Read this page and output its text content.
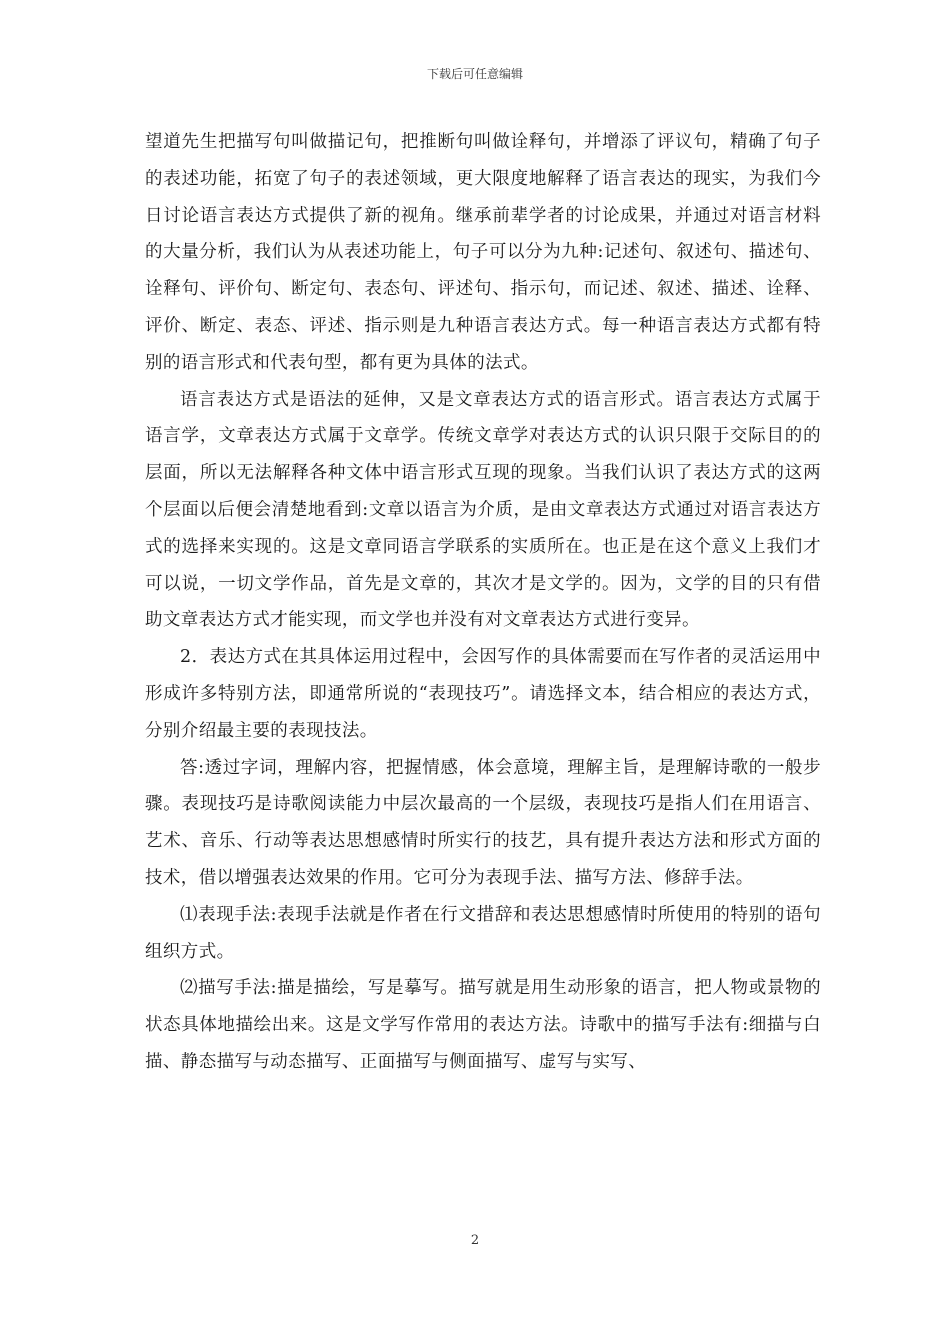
下载后可任意编辑

望道先生把描写句叫做描记句，把推断句叫做诠释句，并增添了评议句，精确了句子的表述功能，拓宽了句子的表述领域，更大限度地解释了语言表达的现实，为我们今日讨论语言表达方式提供了新的视角。继承前辈学者的讨论成果，并通过对语言材料的大量分析，我们认为从表述功能上，句子可以分为九种:记述句、叙述句、描述句、诠释句、评价句、断定句、表态句、评述句、指示句，而记述、叙述、描述、诠释、评价、断定、表态、评述、指示则是九种语言表达方式。每一种语言表达方式都有特别的语言形式和代表句型，都有更为具体的法式。

语言表达方式是语法的延伸，又是文章表达方式的语言形式。语言表达方式属于语言学，文章表达方式属于文章学。传统文章学对表达方式的认识只限于交际目的的层面，所以无法解释各种文体中语言形式互现的现象。当我们认识了表达方式的这两个层面以后便会清楚地看到:文章以语言为介质，是由文章表达方式通过对语言表达方式的选择来实现的。这是文章同语言学联系的实质所在。也正是在这个意义上我们才可以说，一切文学作品，首先是文章的，其次才是文学的。因为，文学的目的只有借助文章表达方式才能实现，而文学也并没有对文章表达方式进行变异。

2．表达方式在其具体运用过程中，会因写作的具体需要而在写作者的灵活运用中形成许多特别方法，即通常所说的“表现技巧”。请选择文本，结合相应的表达方式，分别介绍最主要的表现技法。

答:透过字词，理解内容，把握情感，体会意境，理解主旨，是理解诗歌的一般步骤。表现技巧是诗歌阅读能力中层次最高的一个层级，表现技巧是指人们在用语言、艺术、音乐、行动等表达思想感情时所实行的技艺，具有提升表达方法和形式方面的技术，借以增强表达效果的作用。它可分为表现手法、描写方法、修辞手法。

⑴表现手法:表现手法就是作者在行文措辞和表达思想感情时所使用的特别的语句组织方式。

⑵描写手法:描是描绘，写是摹写。描写就是用生动形象的语言，把人物或景物的状态具体地描绘出来。这是文学写作常用的表达方法。诗歌中的描写手法有:细描与白描、静态描写与动态描写、正面描写与侧面描写、虚写与实写、

2
